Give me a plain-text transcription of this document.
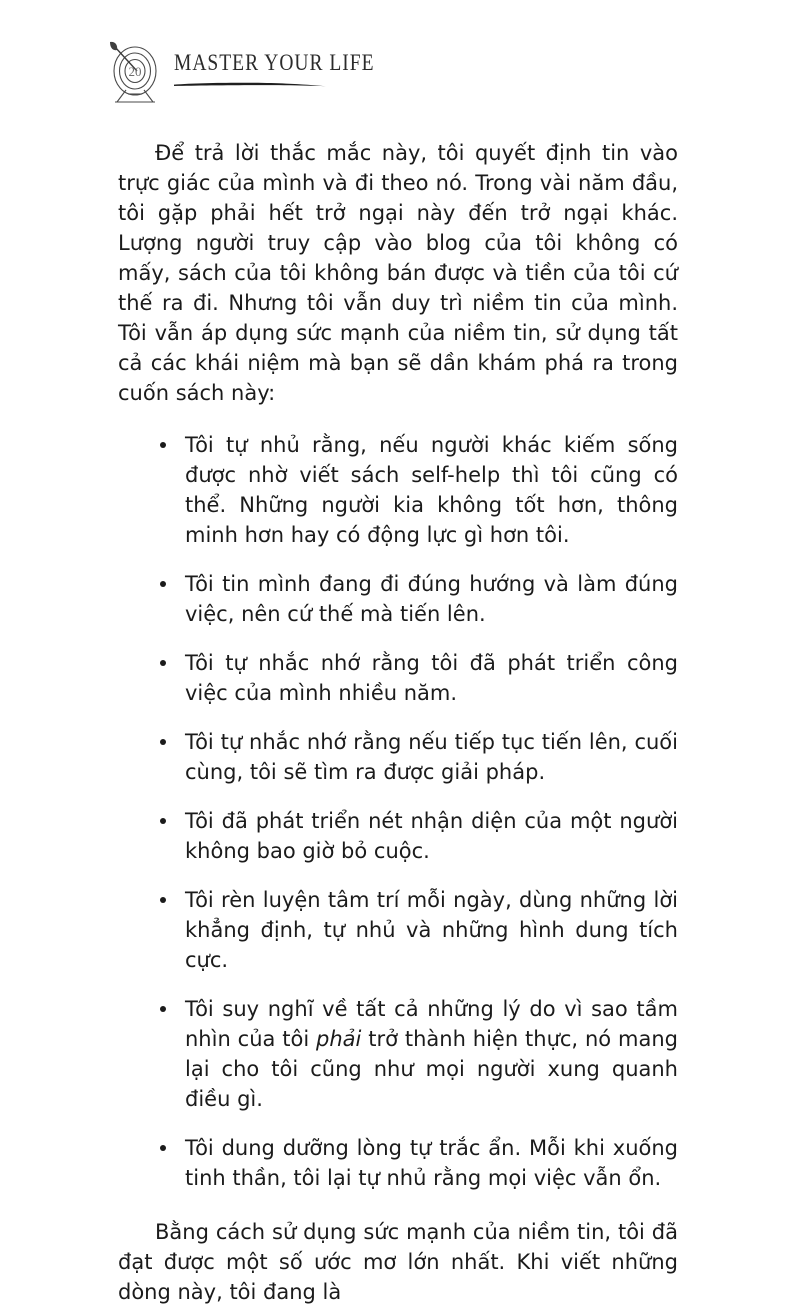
20 MASTER YOUR LIFE

Để trả lời thắc mắc này, tôi quyết định tin vào trực giác của mình và đi theo nó. Trong vài năm đầu, tôi gặp phải hết trở ngại này đến trở ngại khác. Lượng người truy cập vào blog của tôi không có mấy, sách của tôi không bán được và tiền của tôi cứ thế ra đi. Nhưng tôi vẫn duy trì niềm tin của mình. Tôi vẫn áp dụng sức mạnh của niềm tin, sử dụng tất cả các khái niệm mà bạn sẽ dần khám phá ra trong cuốn sách này:

Tôi tự nhủ rằng, nếu người khác kiếm sống được nhờ viết sách self-help thì tôi cũng có thể. Những người kia không tốt hơn, thông minh hơn hay có động lực gì hơn tôi.
Tôi tin mình đang đi đúng hướng và làm đúng việc, nên cứ thế mà tiến lên.
Tôi tự nhắc nhớ rằng tôi đã phát triển công việc của mình nhiều năm.
Tôi tự nhắc nhớ rằng nếu tiếp tục tiến lên, cuối cùng, tôi sẽ tìm ra được giải pháp.
Tôi đã phát triển nét nhận diện của một người không bao giờ bỏ cuộc.
Tôi rèn luyện tâm trí mỗi ngày, dùng những lời khẳng định, tự nhủ và những hình dung tích cực.
Tôi suy nghĩ về tất cả những lý do vì sao tầm nhìn của tôi phải trở thành hiện thực, nó mang lại cho tôi cũng như mọi người xung quanh điều gì.
Tôi dung dưỡng lòng tự trắc ẩn. Mỗi khi xuống tinh thần, tôi lại tự nhủ rằng mọi việc vẫn ổn.

Bằng cách sử dụng sức mạnh của niềm tin, tôi đã đạt được một số ước mơ lớn nhất. Khi viết những dòng này, tôi đang là
